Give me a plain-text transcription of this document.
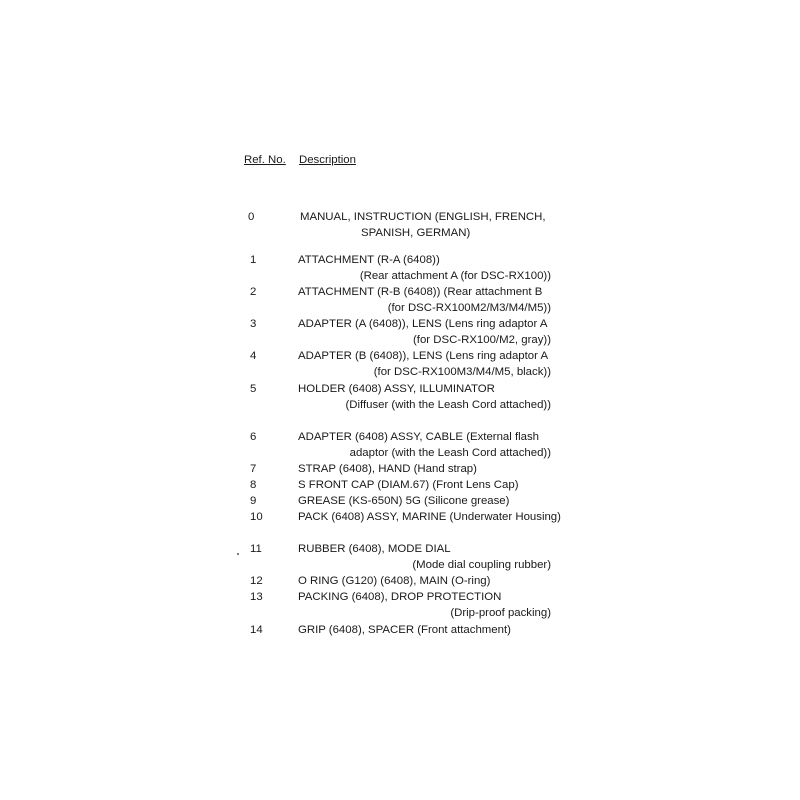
Ref. No. Description
0	MANUAL, INSTRUCTION (ENGLISH, FRENCH,
SPANISH, GERMAN)
1	ATTACHMENT (R-A (6408))
(Rear attachment A (for DSC-RX100))
2	ATTACHMENT (R-B (6408)) (Rear attachment B
(for DSC-RX100M2/M3/M4/M5))
3	ADAPTER (A (6408)), LENS (Lens ring adaptor A
(for DSC-RX100/M2, gray))
4	ADAPTER (B (6408)), LENS (Lens ring adaptor A
(for DSC-RX100M3/M4/M5, black))
5	HOLDER (6408) ASSY, ILLUMINATOR
(Diffuser (with the Leash Cord attached))
6	ADAPTER (6408) ASSY, CABLE (External flash
adaptor (with the Leash Cord attached))
7	STRAP (6408), HAND (Hand strap)
8	S FRONT CAP (DIAM.67) (Front Lens Cap)
9	GREASE (KS-650N) 5G (Silicone grease)
10	PACK (6408) ASSY, MARINE (Underwater Housing)
11	RUBBER (6408), MODE DIAL
(Mode dial coupling rubber)
12	O RING (G120) (6408), MAIN (O-ring)
13	PACKING (6408), DROP PROTECTION
(Drip-proof packing)
14	GRIP (6408), SPACER (Front attachment)
